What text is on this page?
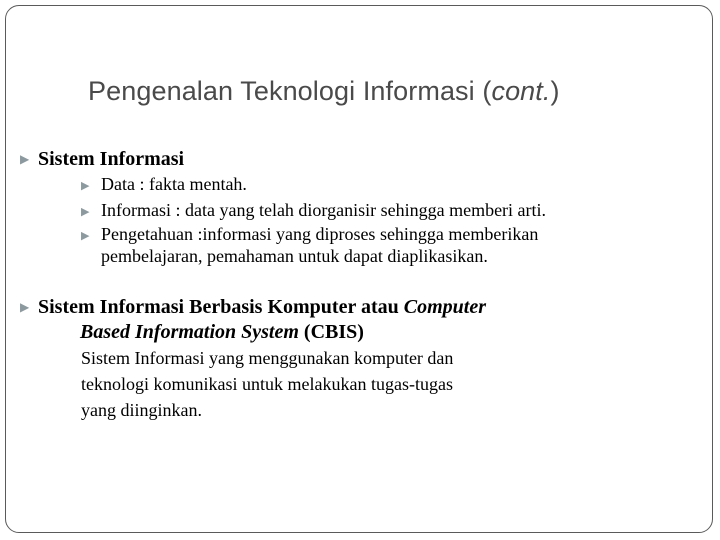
Pengenalan Teknologi Informasi (cont.)
▶ Sistem Informasi
▶ Data : fakta mentah.
▶ Informasi : data yang telah diorganisir sehingga memberi arti.
▶ Pengetahuan :informasi yang diproses sehingga memberikan
pembelajaran, pemahaman untuk dapat diaplikasikan.
▶ Sistem Informasi Berbasis Komputer atau Computer
Based Information System (CBIS)
Sistem Informasi yang menggunakan komputer dan
teknologi komunikasi untuk melakukan tugas-tugas
yang diinginkan.
